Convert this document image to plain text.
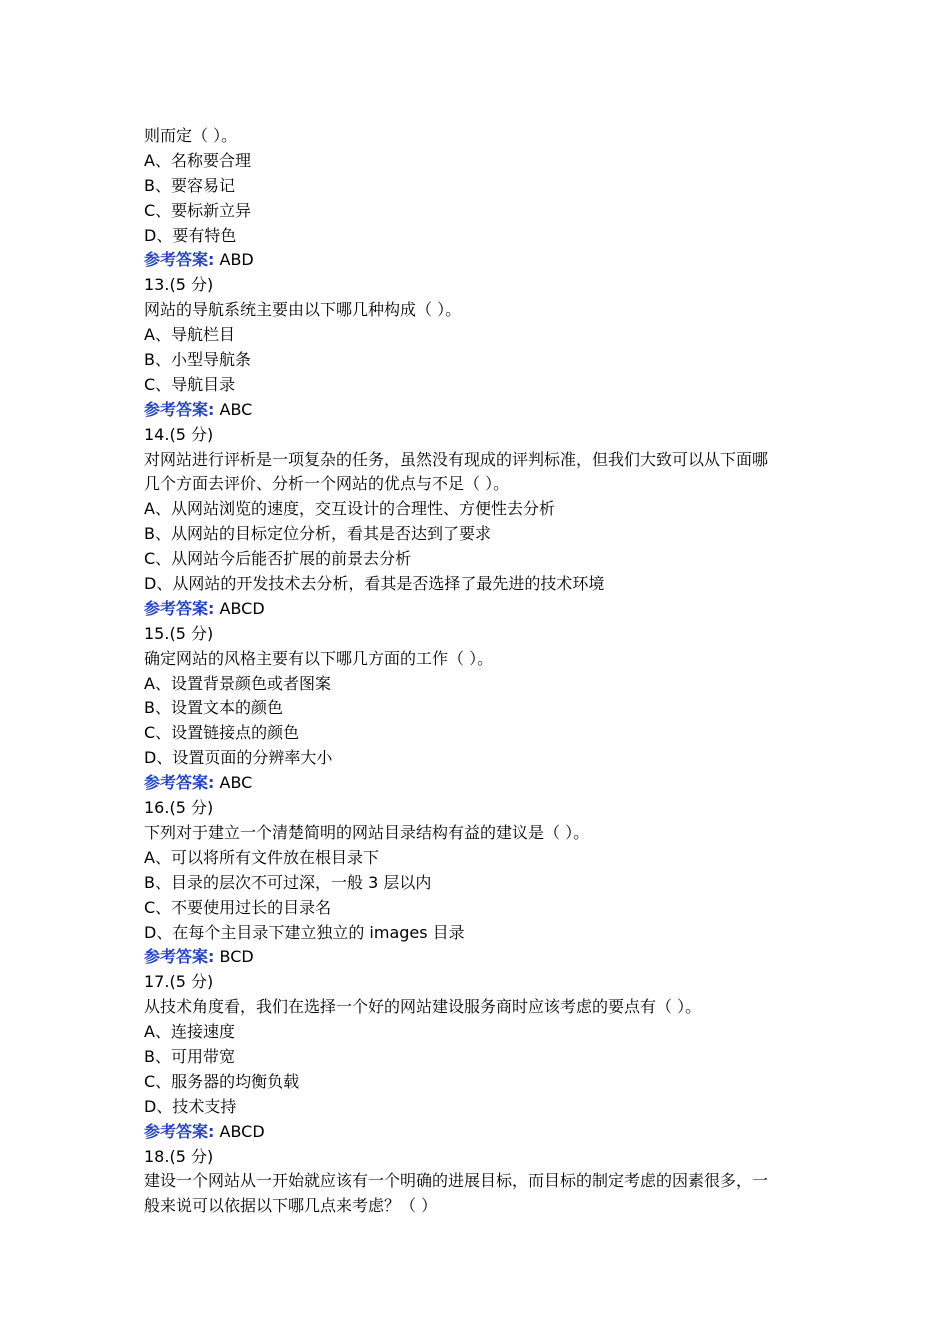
则而定（ ）。
A、名称要合理
B、要容易记
C、要标新立异
D、要有特色
参考答案: ABD
13.(5 分)
网站的导航系统主要由以下哪几种构成（ ）。
A、导航栏目
B、小型导航条
C、导航目录
参考答案: ABC
14.(5 分)
对网站进行评析是一项复杂的任务，虽然没有现成的评判标准，但我们大致可以从下面哪
几个方面去评价、分析一个网站的优点与不足（ ）。
A、从网站浏览的速度，交互设计的合理性、方便性去分析
B、从网站的目标定位分析，看其是否达到了要求
C、从网站今后能否扩展的前景去分析
D、从网站的开发技术去分析，看其是否选择了最先进的技术环境
参考答案: ABCD
15.(5 分)
确定网站的风格主要有以下哪几方面的工作（ ）。
A、设置背景颜色或者图案
B、设置文本的颜色
C、设置链接点的颜色
D、设置页面的分辨率大小
参考答案: ABC
16.(5 分)
下列对于建立一个清楚简明的网站目录结构有益的建议是（ ）。
A、可以将所有文件放在根目录下
B、目录的层次不可过深，一般 3 层以内
C、不要使用过长的目录名
D、在每个主目录下建立独立的 images 目录
参考答案: BCD
17.(5 分)
从技术角度看，我们在选择一个好的网站建设服务商时应该考虑的要点有（ ）。
A、连接速度
B、可用带宽
C、服务器的均衡负载
D、技术支持
参考答案: ABCD
18.(5 分)
建设一个网站从一开始就应该有一个明确的进展目标，而目标的制定考虑的因素很多，一
般来说可以依据以下哪几点来考虑？（ ）
